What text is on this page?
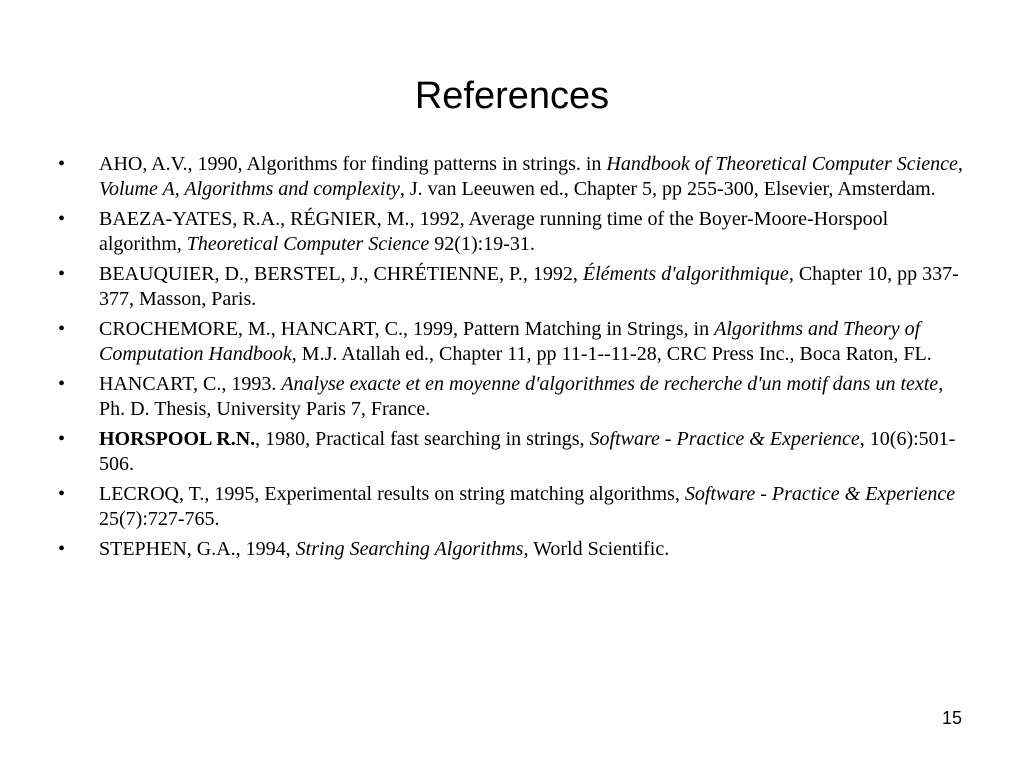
References
•	AHO, A.V., 1990, Algorithms for finding patterns in strings. in Handbook of Theoretical Computer Science, Volume A, Algorithms and complexity, J. van Leeuwen ed., Chapter 5, pp 255-300, Elsevier, Amsterdam.
•	BAEZA-YATES, R.A., RÉGNIER, M., 1992, Average running time of the Boyer-Moore-Horspool algorithm, Theoretical Computer Science 92(1):19-31.
•	BEAUQUIER, D., BERSTEL, J., CHRÉTIENNE, P., 1992, Éléments d'algorithmique, Chapter 10, pp 337-377, Masson, Paris.
•	CROCHEMORE, M., HANCART, C., 1999, Pattern Matching in Strings, in Algorithms and Theory of Computation Handbook, M.J. Atallah ed., Chapter 11, pp 11-1--11-28, CRC Press Inc., Boca Raton, FL.
•	HANCART, C., 1993. Analyse exacte et en moyenne d'algorithmes de recherche d'un motif dans un texte, Ph. D. Thesis, University Paris 7, France.
•	HORSPOOL R.N., 1980, Practical fast searching in strings, Software - Practice & Experience, 10(6):501-506.
•	LECROQ, T., 1995, Experimental results on string matching algorithms, Software - Practice & Experience 25(7):727-765.
•	STEPHEN, G.A., 1994, String Searching Algorithms, World Scientific.
15
